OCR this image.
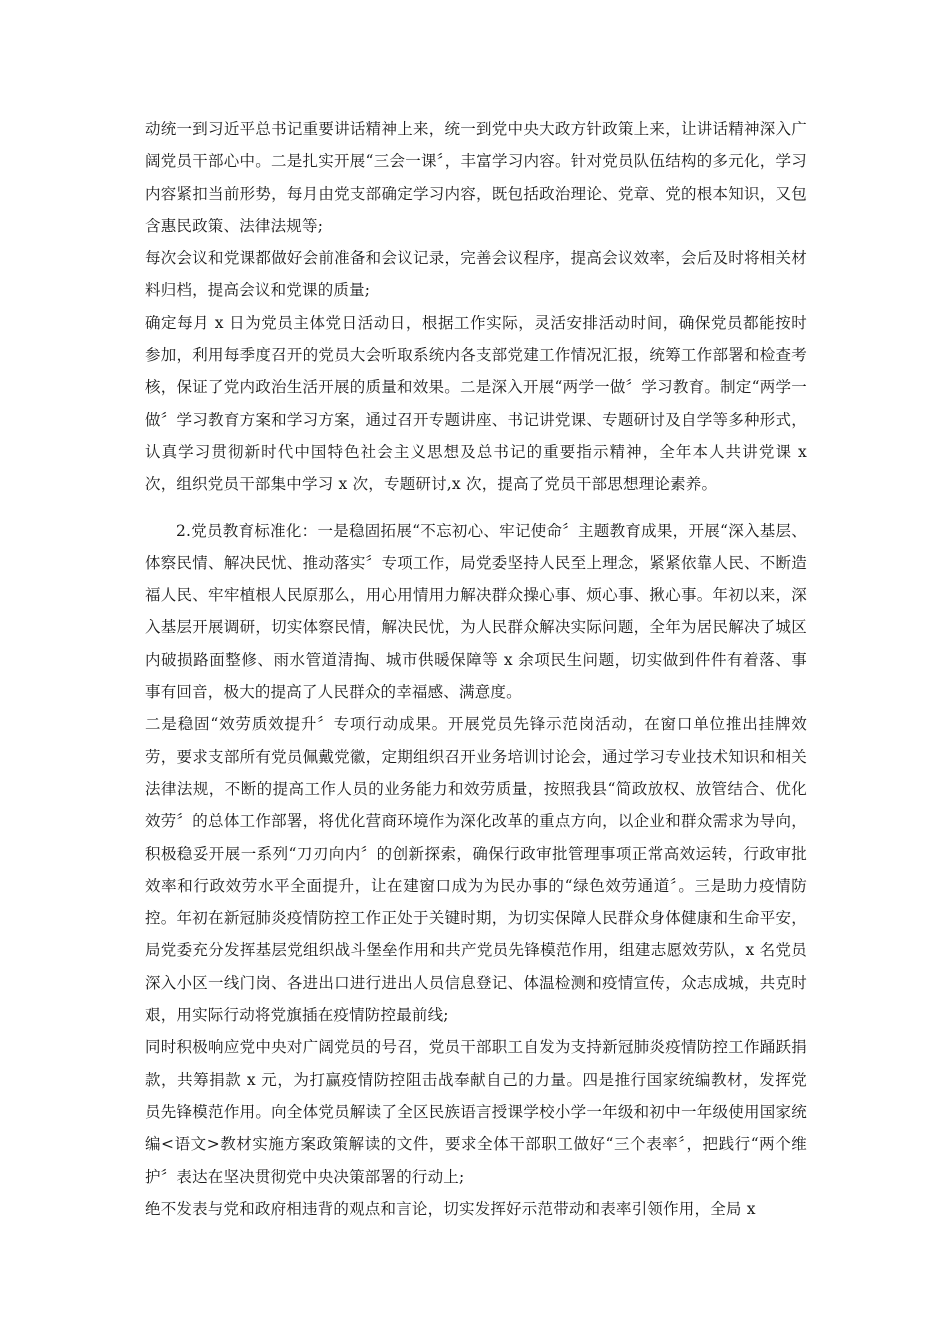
动统一到习近平总书记重要讲话精神上来，统一到党中央大政方针政策上来，让讲话精神深入广阔党员干部心中。二是扎实开展“三会一课〞，丰富学习内容。针对党员队伍结构的多元化，学习内容紧扣当前形势，每月由党支部确定学习内容，既包括政治理论、党章、党的根本知识，又包含惠民政策、法律法规等;

每次会议和党课都做好会前准备和会议记录，完善会议程序，提高会议效率，会后及时将相关材料归档，提高会议和党课的质量;

确定每月 x 日为党员主体党日活动日，根据工作实际，灵活安排活动时间，确保党员都能按时参加，利用每季度召开的党员大会听取系统内各支部党建工作情况汇报，统筹工作部署和检查考核，保证了党内政治生活开展的质量和效果。二是深入开展“两学一做〞学习教育。制定“两学一做〞学习教育方案和学习方案，通过召开专题讲座、书记讲党课、专题研讨及自学等多种形式，认真学习贯彻新时代中国特色社会主义思想及总书记的重要指示精神，全年本人共讲党课 x 次，组织党员干部集中学习 x 次，专题研讨,x 次，提高了党员干部思想理论素养。

2.党员教育标准化：一是稳固拓展“不忘初心、牢记使命〞主题教育成果，开展“深入基层、体察民情、解决民忧、推动落实〞专项工作，局党委坚持人民至上理念，紧紧依靠人民、不断造福人民、牢牢植根人民原那么，用心用情用力解决群众操心事、烦心事、揪心事。年初以来，深入基层开展调研，切实体察民情，解决民忧，为人民群众解决实际问题，全年为居民解决了城区内破损路面整修、雨水管道清掏、城市供暖保障等 x 余项民生问题，切实做到件件有着落、事事有回音，极大的提高了人民群众的幸福感、满意度。

二是稳固“效劳质效提升〞专项行动成果。开展党员先锋示范岗活动，在窗口单位推出挂牌效劳，要求支部所有党员佩戴党徽，定期组织召开业务培训讨论会，通过学习专业技术知识和相关法律法规，不断的提高工作人员的业务能力和效劳质量，按照我县“简政放权、放管结合、优化效劳〞的总体工作部署，将优化营商环境作为深化改革的重点方向，以企业和群众需求为导向，积极稳妥开展一系列“刀刃向内〞的创新探索，确保行政审批管理事项正常高效运转，行政审批效率和行政效劳水平全面提升，让在建窗口成为为民办事的“绿色效劳通道〞。三是助力疫情防控。年初在新冠肺炎疫情防控工作正处于关键时期，为切实保障人民群众身体健康和生命平安，局党委充分发挥基层党组织战斗堡垒作用和共产党员先锋模范作用，组建志愿效劳队，x 名党员深入小区一线门岗、各进出口进行进出人员信息登记、体温检测和疫情宣传，众志成城，共克时艰，用实际行动将党旗插在疫情防控最前线;

同时积极响应党中央对广阔党员的号召，党员干部职工自发为支持新冠肺炎疫情防控工作踊跃捐款，共筹捐款 x 元，为打赢疫情防控阻击战奉献自己的力量。四是推行国家统编教材，发挥党员先锋模范作用。向全体党员解读了全区民族语言授课学校小学一年级和初中一年级使用国家统编<语文>教材实施方案政策解读的文件，要求全体干部职工做好“三个表率〞，把践行“两个维护〞表达在坚决贯彻党中央决策部署的行动上;

绝不发表与党和政府相违背的观点和言论，切实发挥好示范带动和表率引领作用，全局 x
